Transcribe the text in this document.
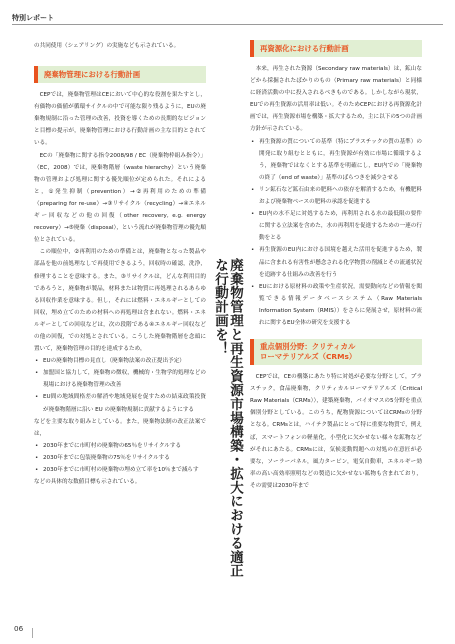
特別レポート

の共同使用（シェアリング）の実施なども示されている。

廃棄物管理における行動計画

CEPでは，廃棄物管理はCEにおいて中心的な役割を果たすとし，有価物の価値が循環サイクルの中で可能な限り残るように，EUの廃棄物規制に沿った管理の改善，投資を導くための長期的なビジョンと目標の提示が，廃棄物管理における行動計画の主な目的とされている。

ECの「廃棄物に関する指令2008/98 / EC（廃棄物枠組み指令）」（EC，2008）では，廃棄物階層（waste hierarchy）という廃棄物の管理および処理に関する優先順位が定められた。それによると，①発生抑制（prevention）→②再利用のための準備（preparing for re-use）→③リサイクル（recycling）→④エネルギー回収などの他の回復（other recovery, e.g. energy recovery）→⑤廃棄（disposal），という流れが廃棄物管理の優先順位とされている。

この順位中，②再利用のための準備とは，廃棄物となった製品や部品を他の前処理なしで再使用できるよう，回収時の確認，洗浄，修理することを意味する。また，③リサイクルは，どんな利用目的であろうと，廃棄物が製品，材料または物質に再処理されるあらゆる回収作業を意味する。但し，それには燃料・エネルギーとしての回収，埋め立てのための材料への再処理は含まれない。燃料・エネルギーとしての回収などは，次の段階である④エネルギー回収などの他の回復，での対処とされている。こうした廃棄物階層を念頭に置いて，廃棄物管理の目的を達成するため，

• EUの廃棄物目標の見直し（廃棄物法案の改正提出予定）
• 加盟国と協力して，廃棄物の徴収，機械的・生物学的処理などの現場における廃棄物管理の改善
• EU間の地域間格差の解消や地域発展を促すための結束政策投資が廃棄物階層に沿い EU の廃棄物規制に貢献するようにする

などを主要な取り組みとしている。また，廃棄物法制の改正法案では，

• 2030年までに市町村の廃棄物の65％をリサイクルする
• 2030年までに包装廃棄物の75％をリサイクルする
• 2030年までに市町村の廃棄物の埋め立て率を10％まで減らす

などの具体的な数値目標も示されている。	廃棄物管理と再生資源市場構築・拡大における適正な行動計画を！
再資源化における行動計画

本来，再生された資源（Secondary raw materials）は，鉱山などから採掘されたばかりのもの（Primary raw materials）と同様に経済活動の中に投入されるべきものである。しかしながら現状，EUでの再生資源の活用率は低い。そのためCEPにおける再資源化計画では，再生資源市場を構築・拡大するため，主に以下の5つの計画方針が示されている。

• 再生資源の質についての基準（特にプラスチックの質の基準）の開発に取り組むとともに，再生資源が有効に市場に循環するよう，廃棄物ではなくとする基準を明確にし，EU内での「廃棄物の終了（end of waste）」基準のばらつきを減少させる
• リン鉱石など鉱石由来の肥料への依存を解消するため，有機肥料および廃棄物ベースの肥料の承認を促進する
• EU内の水不足に対処するため，再利用される水の最低限の要件に関する立法案を含めた，水の再利用を促進するための一連の行動をとる
• 再生資源のEU内における国境を越えた活用を促進するため，製品に含まれる有害性が懸念される化学物質の削減とその流通状況を追跡する仕組みの改善を行う
• EUにおける原材料の政策や生産状況，需要動向などの情報を閲覧できる情報データベースシステム（Raw Materials Information System（RMIS））をさらに発展させ，原材料の流れに関するEU全体の研究を支援する
重点個別分野：クリティカル
ローマテリアルズ（CRMs）

CEPでは，CEの構築にあたり特に対処が必要な分野として，プラスチック，食品廃棄物，クリティカルローマテリアルズ（Critical Raw Materials（CRMs）），建築廃棄物，バイオマスの5分野を重点個別分野としている。このうち，配物資源についてはCRMsの分野となる。CRMsとは，ハイテク製品にとって特に重要な物質で，例えば，スマートフォンの軽量化，小型化に欠かせない様々な鉱物などがそれにあたる。CRMsには，気候変動問題への対処の在意匠が必要な，ソーラーパネル，風力タービン，電気自動車，エネルギー効率の高い高効率照明などの製造に欠かせない鉱物も含まれており，その需要は2030年まで

06
